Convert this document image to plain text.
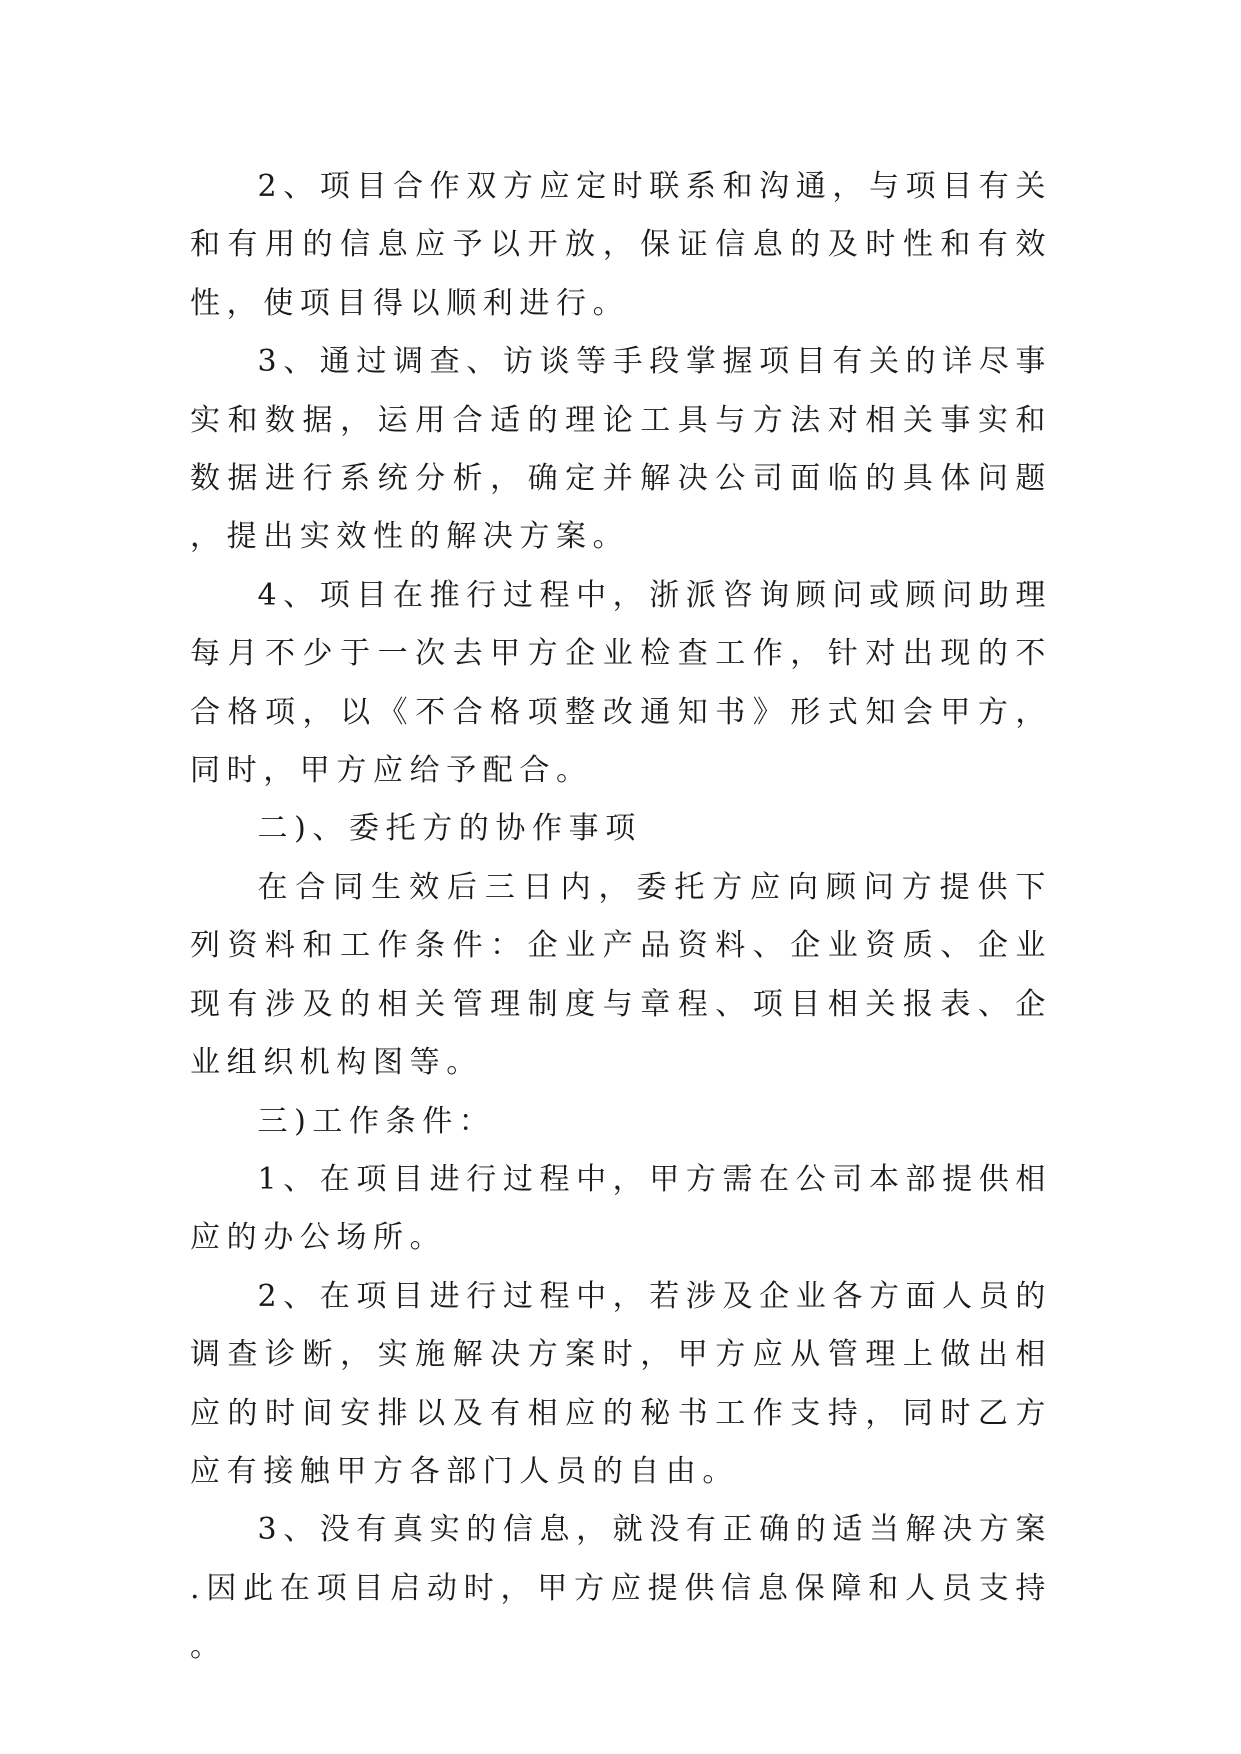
2、项目合作双方应定时联系和沟通，与项目有关和有用的信息应予以开放，保证信息的及时性和有效性，使项目得以顺利进行。

3、通过调查、访谈等手段掌握项目有关的详尽事实和数据，运用合适的理论工具与方法对相关事实和数据进行系统分析，确定并解决公司面临的具体问题，提出实效性的解决方案。

4、项目在推行过程中，浙派咨询顾问或顾问助理每月不少于一次去甲方企业检查工作，针对出现的不合格项，以《不合格项整改通知书》形式知会甲方，同时，甲方应给予配合。

二)、委托方的协作事项

在合同生效后三日内，委托方应向顾问方提供下列资料和工作条件：企业产品资料、企业资质、企业现有涉及的相关管理制度与章程、项目相关报表、企业组织机构图等。

三)工作条件：

1、在项目进行过程中，甲方需在公司本部提供相应的办公场所。

2、在项目进行过程中，若涉及企业各方面人员的调查诊断，实施解决方案时，甲方应从管理上做出相应的时间安排以及有相应的秘书工作支持，同时乙方应有接触甲方各部门人员的自由。

3、没有真实的信息，就没有正确的适当解决方案.因此在项目启动时，甲方应提供信息保障和人员支持。
